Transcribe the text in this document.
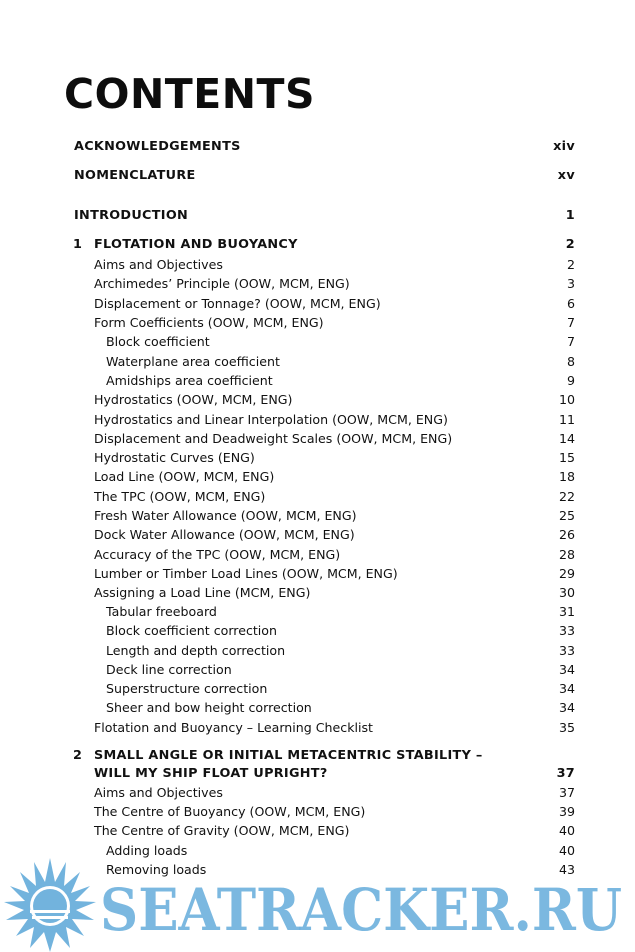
CONTENTS
ACKNOWLEDGEMENTS	xiv
NOMENCLATURE	xv
INTRODUCTION	1
1 FLOTATION AND BUOYANCY	2
Aims and Objectives	2
Archimedes’ Principle (OOW, MCM, ENG)	3
Displacement or Tonnage? (OOW, MCM, ENG)	6
Form Coefficients (OOW, MCM, ENG)	7
Block coefficient	7
Waterplane area coefficient	8
Amidships area coefficient	9
Hydrostatics (OOW, MCM, ENG)	10
Hydrostatics and Linear Interpolation (OOW, MCM, ENG)	11
Displacement and Deadweight Scales (OOW, MCM, ENG)	14
Hydrostatic Curves (ENG)	15
Load Line (OOW, MCM, ENG)	18
The TPC (OOW, MCM, ENG)	22
Fresh Water Allowance (OOW, MCM, ENG)	25
Dock Water Allowance (OOW, MCM, ENG)	26
Accuracy of the TPC (OOW, MCM, ENG)	28
Lumber or Timber Load Lines (OOW, MCM, ENG)	29
Assigning a Load Line (MCM, ENG)	30
Tabular freeboard	31
Block coefficient correction	33
Length and depth correction	33
Deck line correction	34
Superstructure correction	34
Sheer and bow height correction	34
Flotation and Buoyancy – Learning Checklist	35
2 SMALL ANGLE OR INITIAL METACENTRIC STABILITY –
WILL MY SHIP FLOAT UPRIGHT?	37
Aims and Objectives	37
The Centre of Buoyancy (OOW, MCM, ENG)	39
The Centre of Gravity (OOW, MCM, ENG)	40
Adding loads	40
Removing loads	43
SEATRACKER.RU
